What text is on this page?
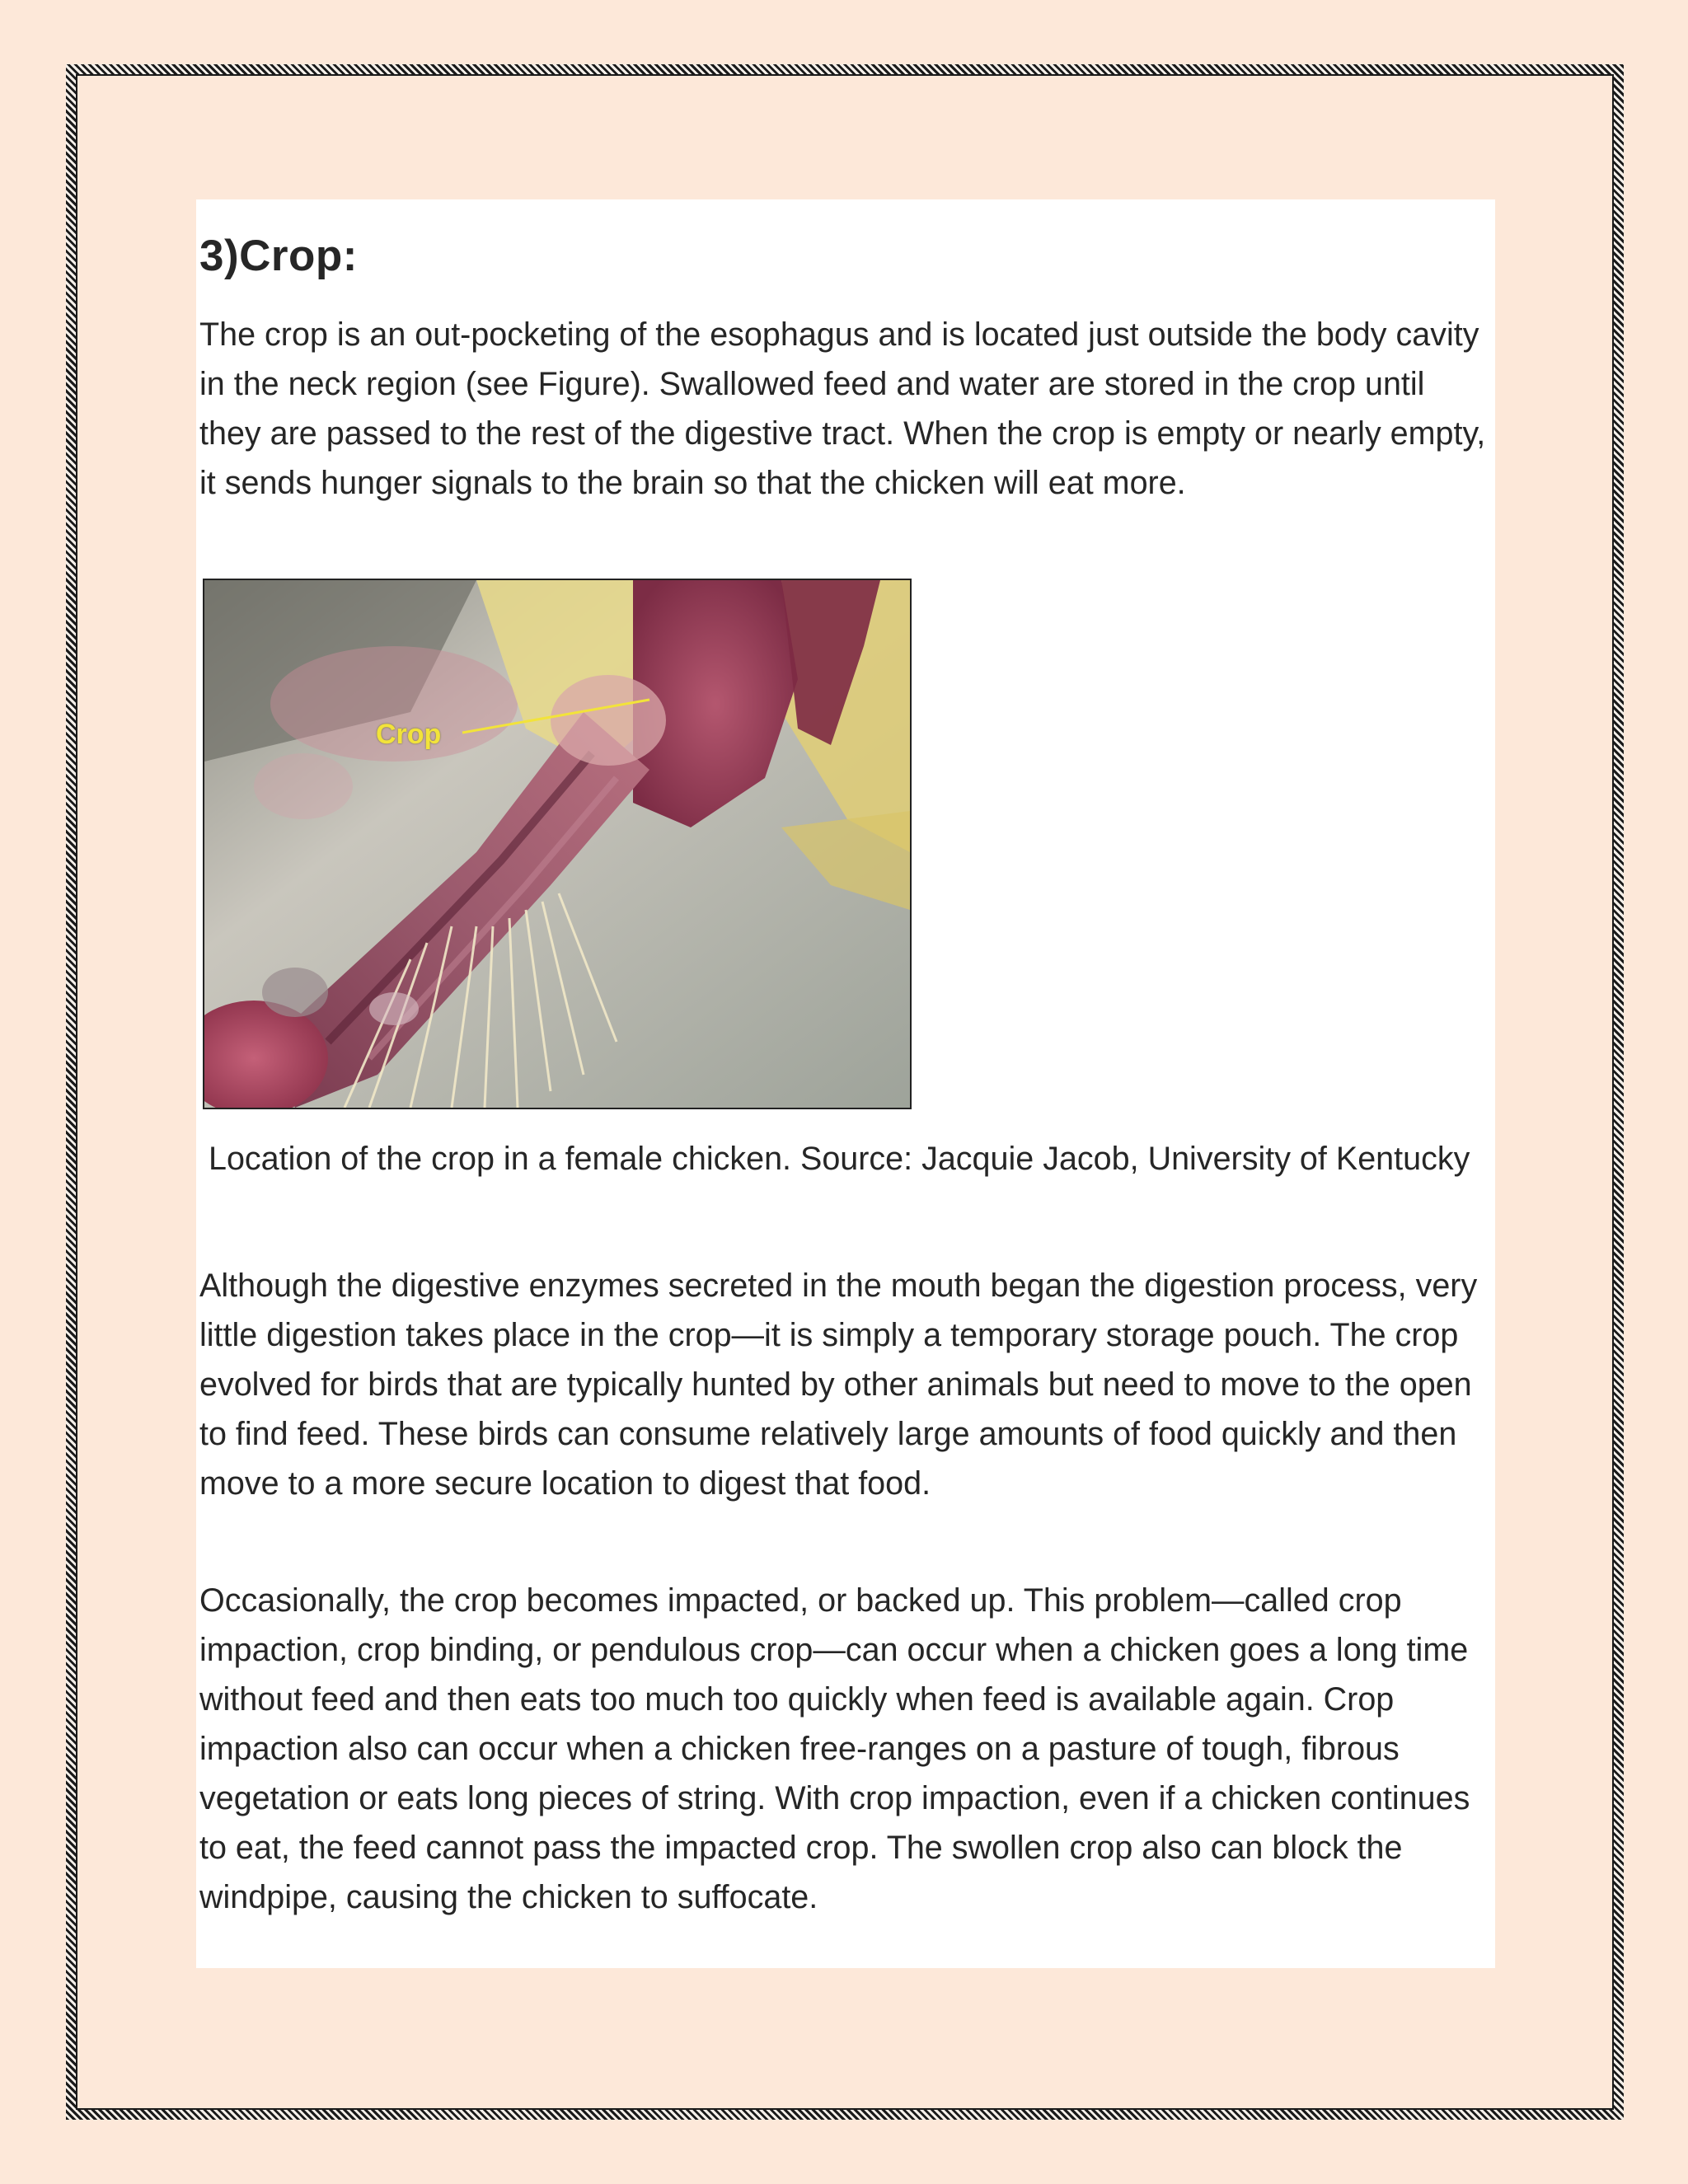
3)Crop:

The crop is an out-pocketing of the esophagus and is located just outside the body cavity in the neck region (see Figure). Swallowed feed and water are stored in the crop until they are passed to the rest of the digestive tract. When the crop is empty or nearly empty, it sends hunger signals to the brain so that the chicken will eat more.

Crop

Location of the crop in a female chicken. Source: Jacquie Jacob, University of Kentucky

Although the digestive enzymes secreted in the mouth began the digestion process, very little digestion takes place in the crop—it is simply a temporary storage pouch. The crop evolved for birds that are typically hunted by other animals but need to move to the open to find feed. These birds can consume relatively large amounts of food quickly and then move to a more secure location to digest that food.

Occasionally, the crop becomes impacted, or backed up. This problem—called crop impaction, crop binding, or pendulous crop—can occur when a chicken goes a long time without feed and then eats too much too quickly when feed is available again. Crop impaction also can occur when a chicken free-ranges on a pasture of tough, fibrous vegetation or eats long pieces of string. With crop impaction, even if a chicken continues to eat, the feed cannot pass the impacted crop. The swollen crop also can block the windpipe, causing the chicken to suffocate.
